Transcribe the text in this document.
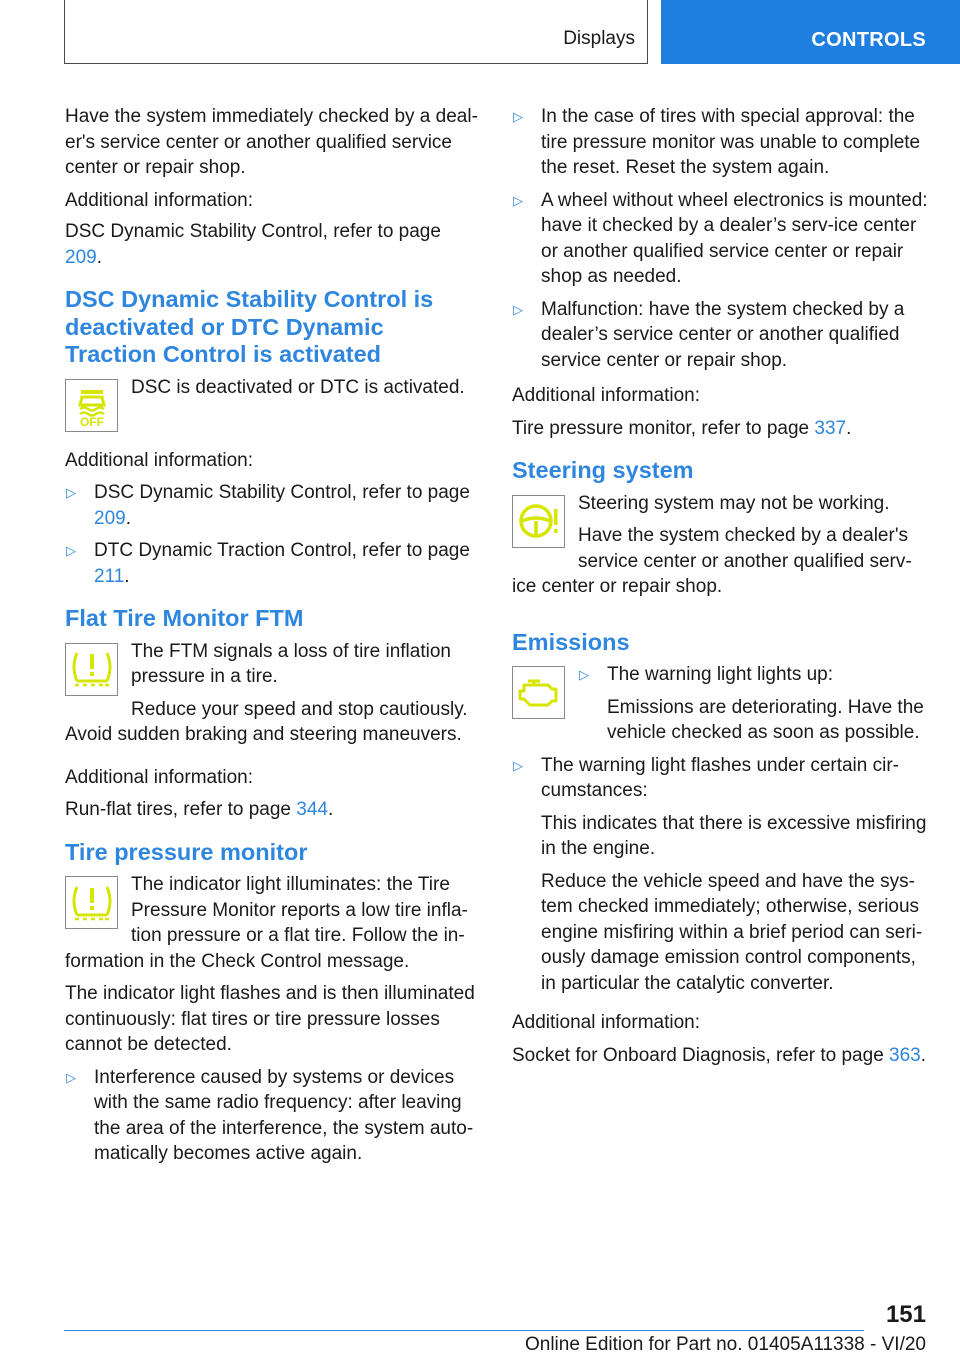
Displays	CONTROLS

Have the system immediately checked by a deal-er's service center or another qualified service center or repair shop.

Additional information:

DSC Dynamic Stability Control, refer to page 209.

DSC Dynamic Stability Control is deactivated or DTC Dynamic Traction Control is activated
OFF

DSC is deactivated or DTC is activated.

Additional information:

▷ DSC Dynamic Stability Control, refer to page 209.
▷ DTC Dynamic Traction Control, refer to page 211.
Flat Tire Monitor FTM

The FTM signals a loss of tire inflation pressure in a tire.

Reduce your speed and stop cautiously. Avoid sudden braking and steering maneuvers.

Additional information:

Run-flat tires, refer to page 344.

Tire pressure monitor

The indicator light illuminates: the Tire Pressure Monitor reports a low tire infla-tion pressure or a flat tire. Follow the in-formation in the Check Control message.

The indicator light flashes and is then illuminated continuously: flat tires or tire pressure losses cannot be detected.

▷ Interference caused by systems or devices with the same radio frequency: after leaving the area of the interference, the system auto-matically becomes active again.
▷ In the case of tires with special approval: the tire pressure monitor was unable to complete the reset. Reset the system again.
▷ A wheel without wheel electronics is mounted: have it checked by a dealer’s serv-ice center or another qualified service center or repair shop as needed.
▷ Malfunction: have the system checked by a dealer’s service center or another qualified service center or repair shop.

Additional information:

Tire pressure monitor, refer to page 337.

Steering system

Steering system may not be working.

Have the system checked by a dealer's service center or another qualified serv-ice center or repair shop.

Emissions
▷ The warning light lights up:

Emissions are deteriorating. Have the vehicle checked as soon as possible.

▷ The warning light flashes under certain cir-cumstances:

This indicates that there is excessive misfiring in the engine.

Reduce the vehicle speed and have the sys-tem checked immediately; otherwise, serious engine misfiring within a brief period can seri-ously damage emission control components, in particular the catalytic converter.

Additional information:

Socket for Onboard Diagnosis, refer to page 363.

151
Online Edition for Part no. 01405A11338 - VI/20
